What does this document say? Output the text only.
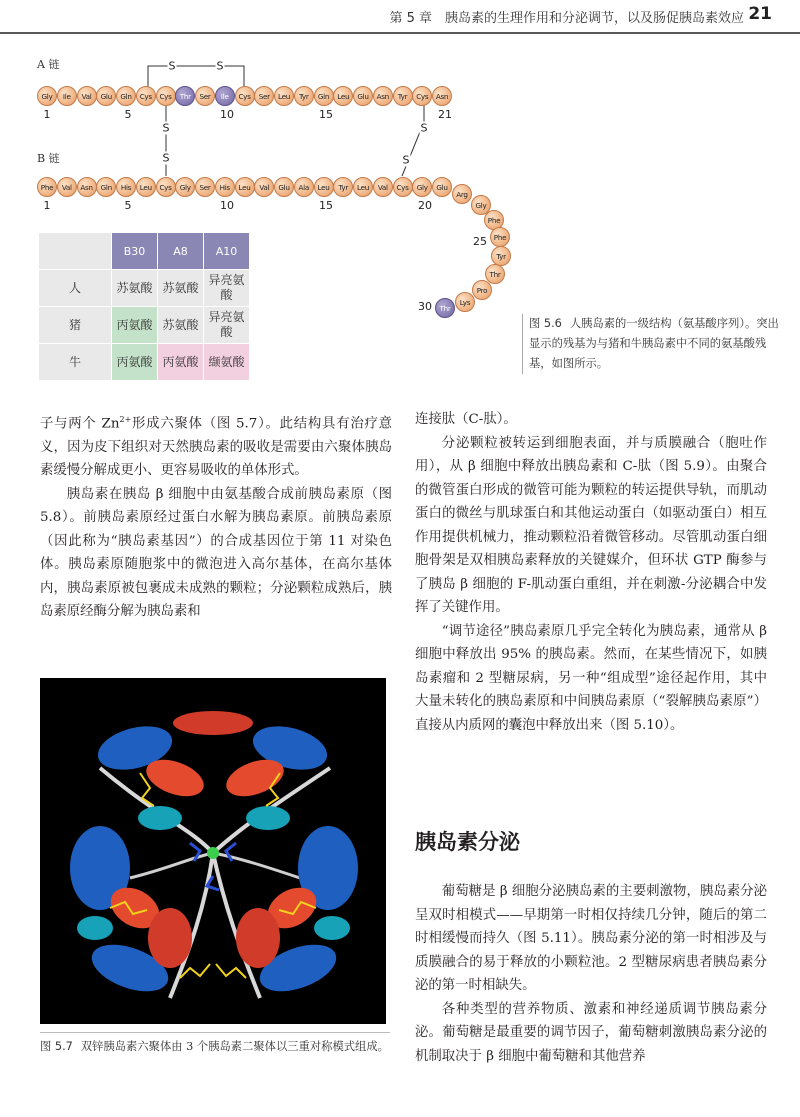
第 5 章　胰岛素的生理作用和分泌调节，以及肠促胰岛素效应 21
A 链
B 链
S	S
S
S
S
S
Gly	Ile	Val	Glu	Gln	Cys	Cys	Thr	Ser	Ile	Cys	Ser	Leu	Tyr	Gln	Leu	Glu	Asn	Tyr	Cys	Asn
Phe	Val	Asn	Gln	His	Leu	Cys	Gly	Ser	His	Leu	Val	Glu	Ala	Leu	Tyr	Leu	Val	Cys	Gly	Glu
Arg
Gly
Phe
Phe
Tyr
Thr
Pro
Lys
Thr
1	5	10	15	21
1	5	10	15	20
25
30
	B30	A8	A10
人	苏氨酸	苏氨酸	异亮氨酸
猪	丙氨酸	苏氨酸	异亮氨酸
牛	丙氨酸	丙氨酸	缬氨酸
图 5.6 人胰岛素的一级结构（氨基酸序列）。突出显示的残基为与猪和牛胰岛素中不同的氨基酸残基，如图所示。

子与两个 $Zn^{2+}$形成六聚体（图 5.7）。此结构具有治疗意义，因为皮下组织对天然胰岛素的吸收是需要由六聚体胰岛素缓慢分解成更小、更容易吸收的单体形式。

胰岛素在胰岛 β 细胞中由氨基酸合成前胰岛素原（图 5.8）。前胰岛素原经过蛋白水解为胰岛素原。前胰岛素原（因此称为“胰岛素基因”）的合成基因位于第 11 对染色体。胰岛素原随胞浆中的微泡进入高尔基体，在高尔基体内，胰岛素原被包裹成未成熟的颗粒；分泌颗粒成熟后，胰岛素原经酶分解为胰岛素和

图 5.7 双锌胰岛素六聚体由 3 个胰岛素二聚体以三重对称模式组成。

连接肽（C-肽）。

分泌颗粒被转运到细胞表面，并与质膜融合（胞吐作用），从 β 细胞中释放出胰岛素和 C-肽（图 5.9）。由聚合的微管蛋白形成的微管可能为颗粒的转运提供导轨，而肌动蛋白的微丝与肌球蛋白和其他运动蛋白（如驱动蛋白）相互作用提供机械力，推动颗粒沿着微管移动。尽管肌动蛋白细胞骨架是双相胰岛素释放的关键媒介，但环状 GTP 酶参与了胰岛 β 细胞的 F-肌动蛋白重组，并在刺激-分泌耦合中发挥了关键作用。

“调节途径”胰岛素原几乎完全转化为胰岛素，通常从 β 细胞中释放出 95% 的胰岛素。然而，在某些情况下，如胰岛素瘤和 2 型糖尿病，另一种“组成型”途径起作用，其中大量未转化的胰岛素原和中间胰岛素原（“裂解胰岛素原”）直接从内质网的囊泡中释放出来（图 5.10）。

胰岛素分泌

葡萄糖是 β 细胞分泌胰岛素的主要刺激物，胰岛素分泌呈双时相模式——早期第一时相仅持续几分钟，随后的第二时相缓慢而持久（图 5.11）。胰岛素分泌的第一时相涉及与质膜融合的易于释放的小颗粒池。2 型糖尿病患者胰岛素分泌的第一时相缺失。

各种类型的营养物质、激素和神经递质调节胰岛素分泌。葡萄糖是最重要的调节因子，葡萄糖刺激胰岛素分泌的机制取决于 β 细胞中葡萄糖和其他营养
